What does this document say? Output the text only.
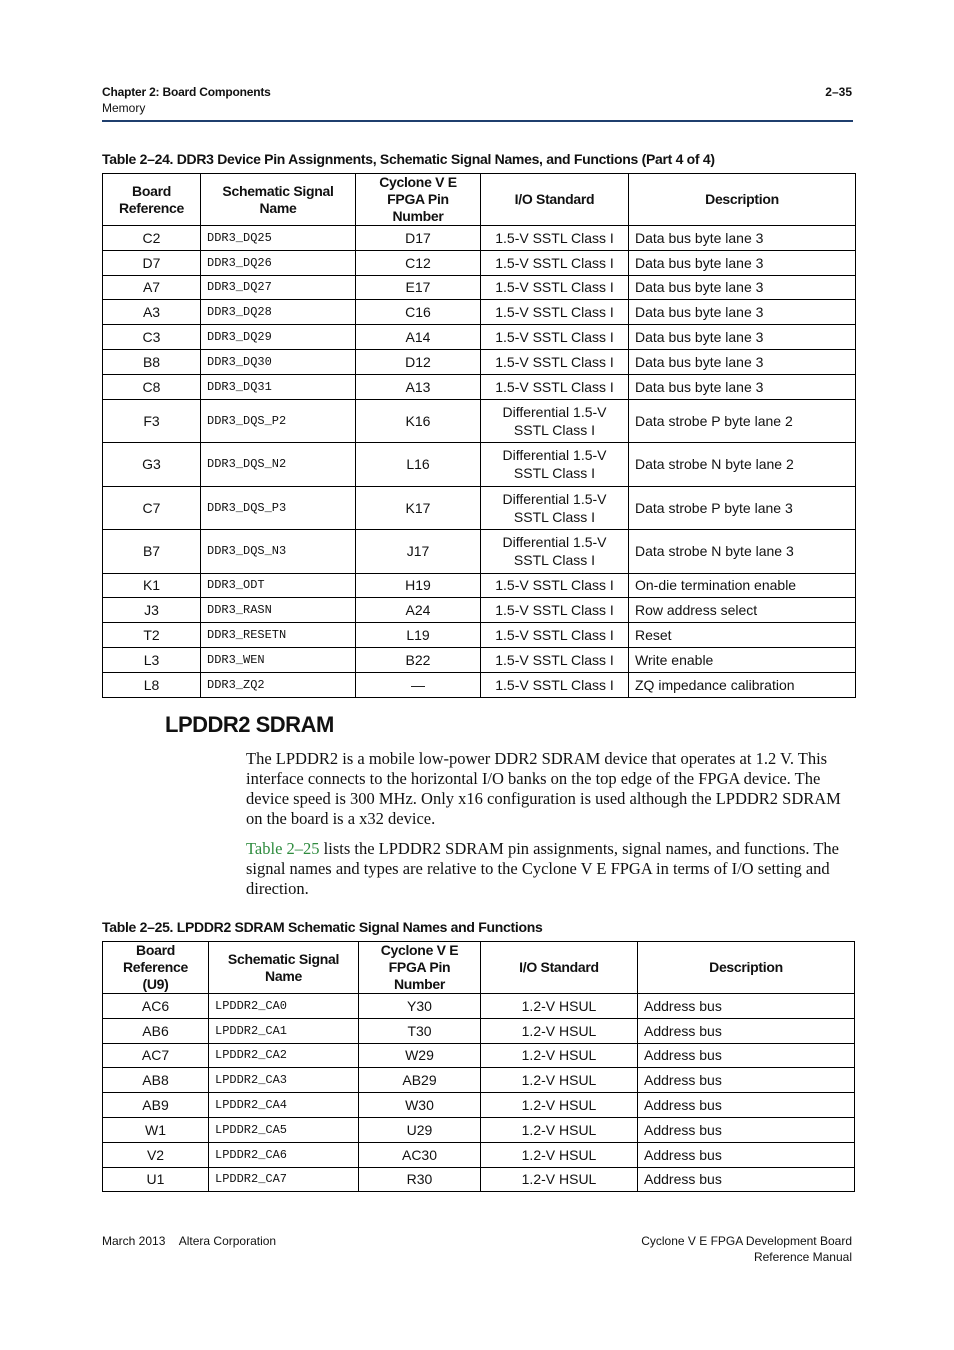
Chapter 2: Board Components
Memory
2–35
Table 2–24. DDR3 Device Pin Assignments, Schematic Signal Names, and Functions (Part 4 of 4)
Board Reference	Schematic Signal Name	Cyclone V E FPGA Pin Number	I/O Standard	Description
C2	DDR3_DQ25	D17	1.5-V SSTL Class I	Data bus byte lane 3
D7	DDR3_DQ26	C12	1.5-V SSTL Class I	Data bus byte lane 3
A7	DDR3_DQ27	E17	1.5-V SSTL Class I	Data bus byte lane 3
A3	DDR3_DQ28	C16	1.5-V SSTL Class I	Data bus byte lane 3
C3	DDR3_DQ29	A14	1.5-V SSTL Class I	Data bus byte lane 3
B8	DDR3_DQ30	D12	1.5-V SSTL Class I	Data bus byte lane 3
C8	DDR3_DQ31	A13	1.5-V SSTL Class I	Data bus byte lane 3
F3	DDR3_DQS_P2	K16	Differential 1.5-V SSTL Class I	Data strobe P byte lane 2
G3	DDR3_DQS_N2	L16	Differential 1.5-V SSTL Class I	Data strobe N byte lane 2
C7	DDR3_DQS_P3	K17	Differential 1.5-V SSTL Class I	Data strobe P byte lane 3
B7	DDR3_DQS_N3	J17	Differential 1.5-V SSTL Class I	Data strobe N byte lane 3
K1	DDR3_ODT	H19	1.5-V SSTL Class I	On-die termination enable
J3	DDR3_RASN	A24	1.5-V SSTL Class I	Row address select
T2	DDR3_RESETN	L19	1.5-V SSTL Class I	Reset
L3	DDR3_WEN	B22	1.5-V SSTL Class I	Write enable
L8	DDR3_ZQ2	—	1.5-V SSTL Class I	ZQ impedance calibration
LPDDR2 SDRAM
The LPDDR2 is a mobile low-power DDR2 SDRAM device that operates at 1.2 V. This interface connects to the horizontal I/O banks on the top edge of the FPGA device. The device speed is 300 MHz. Only x16 configuration is used although the LPDDR2 SDRAM on the board is a x32 device.
Table 2–25 lists the LPDDR2 SDRAM pin assignments, signal names, and functions. The signal names and types are relative to the Cyclone V E FPGA in terms of I/O setting and direction.
Table 2–25. LPDDR2 SDRAM Schematic Signal Names and Functions
Board Reference (U9)	Schematic Signal Name	Cyclone V E FPGA Pin Number	I/O Standard	Description
AC6	LPDDR2_CA0	Y30	1.2-V HSUL	Address bus
AB6	LPDDR2_CA1	T30	1.2-V HSUL	Address bus
AC7	LPDDR2_CA2	W29	1.2-V HSUL	Address bus
AB8	LPDDR2_CA3	AB29	1.2-V HSUL	Address bus
AB9	LPDDR2_CA4	W30	1.2-V HSUL	Address bus
W1	LPDDR2_CA5	U29	1.2-V HSUL	Address bus
V2	LPDDR2_CA6	AC30	1.2-V HSUL	Address bus
U1	LPDDR2_CA7	R30	1.2-V HSUL	Address bus
March 2013 Altera Corporation	Cyclone V E FPGA Development Board
Reference Manual
